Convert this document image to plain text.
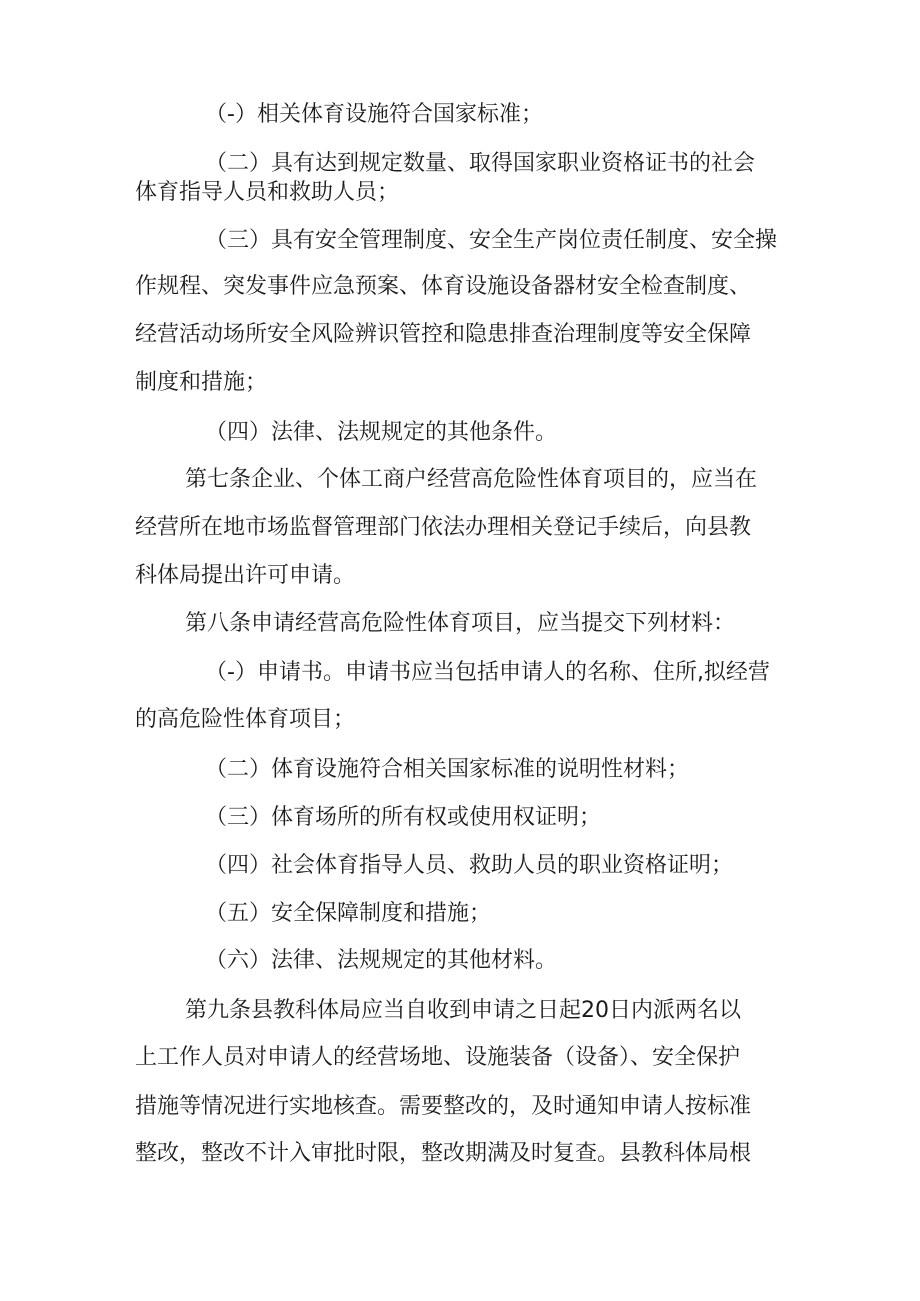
（-）相关体育设施符合国家标准；

（二）具有达到规定数量、取得国家职业资格证书的社会

体育指导人员和救助人员；

（三）具有安全管理制度、安全生产岗位责任制度、安全操

作规程、突发事件应急预案、体育设施设备器材安全检查制度、

经营活动场所安全风险辨识管控和隐患排查治理制度等安全保障

制度和措施；

（四）法律、法规规定的其他条件。

第七条企业、个体工商户经营高危险性体育项目的，应当在

经营所在地市场监督管理部门依法办理相关登记手续后，向县教

科体局提出许可申请。

第八条申请经营高危险性体育项目，应当提交下列材料：

（-）申请书。申请书应当包括申请人的名称、住所,拟经营

的高危险性体育项目；

（二）体育设施符合相关国家标准的说明性材料；

（三）体育场所的所有权或使用权证明；

（四）社会体育指导人员、救助人员的职业资格证明；

（五）安全保障制度和措施；

（六）法律、法规规定的其他材料。

第九条县教科体局应当自收到申请之日起20日内派两名以

上工作人员对申请人的经营场地、设施装备（设备）、安全保护

措施等情况进行实地核查。需要整改的，及时通知申请人按标准

整改，整改不计入审批时限，整改期满及时复查。县教科体局根
